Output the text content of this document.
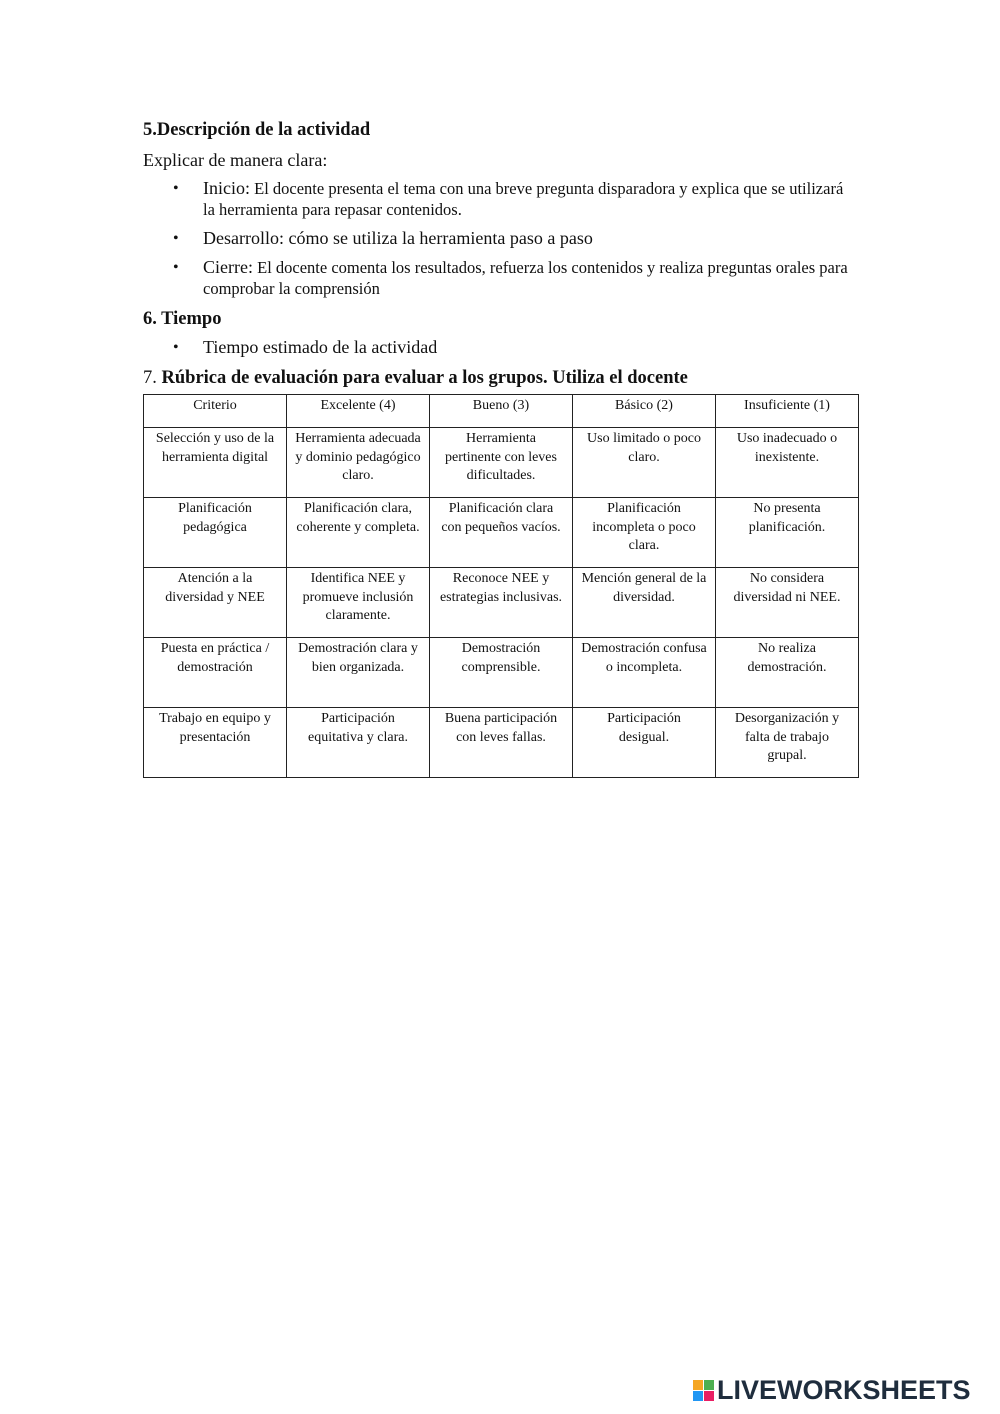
5.Descripción de la actividad
Explicar de manera clara:
• Inicio: El docente presenta el tema con una breve pregunta disparadora y explica que se utilizará la herramienta para repasar contenidos.
• Desarrollo: cómo se utiliza la herramienta paso a paso
• Cierre: El docente comenta los resultados, refuerza los contenidos y realiza preguntas orales para comprobar la comprensión
6. Tiempo
• Tiempo estimado de la actividad
7. Rúbrica de evaluación para evaluar a los grupos. Utiliza el docente
Criterio	Excelente (4)	Bueno (3)	Básico (2)	Insuficiente (1)
Selección y uso de la herramienta digital	Herramienta adecuada y dominio pedagógico claro.	Herramienta pertinente con leves dificultades.	Uso limitado o poco claro.	Uso inadecuado o inexistente.
Planificación pedagógica	Planificación clara, coherente y completa.	Planificación clara con pequeños vacíos.	Planificación incompleta o poco clara.	No presenta planificación.
Atención a la diversidad y NEE	Identifica NEE y promueve inclusión claramente.	Reconoce NEE y estrategias inclusivas.	Mención general de la diversidad.	No considera diversidad ni NEE.
Puesta en práctica / demostración	Demostración clara y bien organizada.	Demostración comprensible.	Demostración confusa o incompleta.	No realiza demostración.
Trabajo en equipo y presentación	Participación equitativa y clara.	Buena participación con leves fallas.	Participación desigual.	Desorganización y falta de trabajo grupal.
LIVEWORKSHEETS
